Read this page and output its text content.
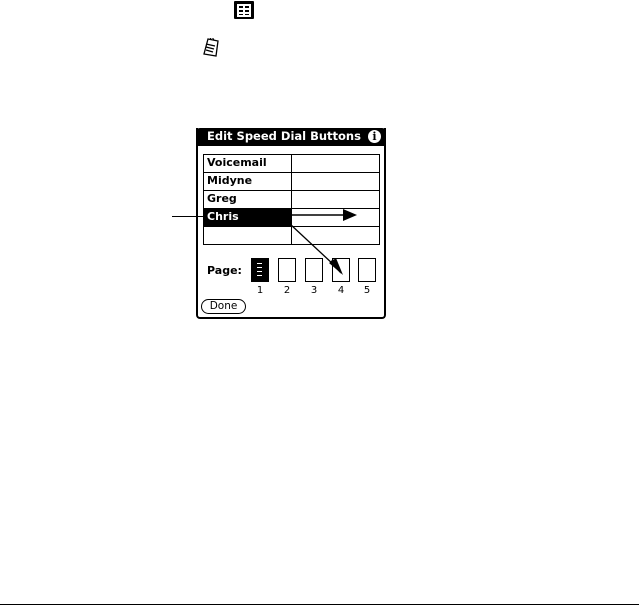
Edit Speed Dial Buttons	i
Voicemail
Midyne
Greg
Chris
Page:
1	2	3	4	5
Done
